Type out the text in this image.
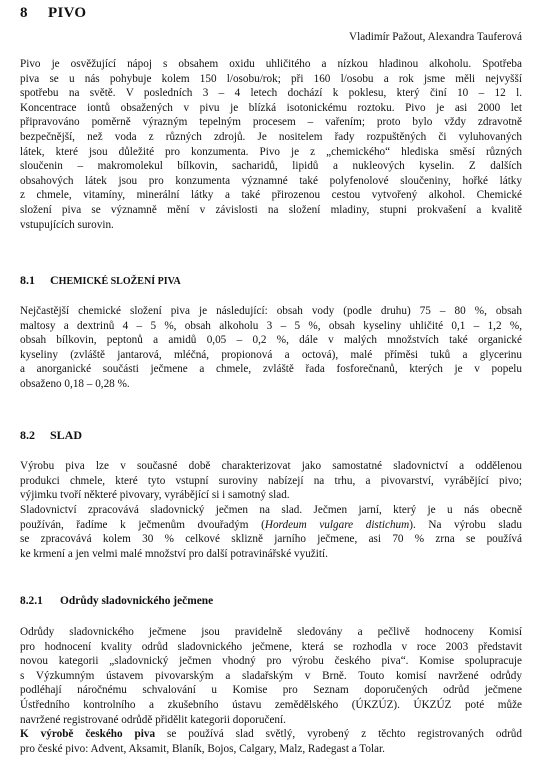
8 PIVO
Vladimír Pažout, Alexandra Tauferová
Pivo je osvěžující nápoj s obsahem oxidu uhličitého a nízkou hladinou alkoholu. Spotřeba
piva se u nás pohybuje kolem 150 l/osobu/rok; při 160 l/osobu a rok jsme měli nejvyšší
spotřebu na světě. V posledních 3 – 4 letech dochází k poklesu, který činí 10 – 12 l.
Koncentrace iontů obsažených v pivu je blízká isotonickému roztoku. Pivo je asi 2000 let
připravováno poměrně výrazným tepelným procesem – vařením; proto bylo vždy zdravotně
bezpečnější, než voda z různých zdrojů. Je nositelem řady rozpuštěných či vyluhovaných
látek, které jsou důležité pro konzumenta. Pivo je z „chemického“ hlediska směsí různých
sloučenin – makromolekul bílkovin, sacharidů, lipidů a nukleových kyselin. Z dalších
obsahových látek jsou pro konzumenta významné také polyfenolové sloučeniny, hořké látky
z chmele, vitamíny, minerální látky a také přirozenou cestou vytvořený alkohol. Chemické
složení piva se významně mění v závislosti na složení mladiny, stupni prokvašení a kvalitě
vstupujících surovin.
8.1 CHEMICKÉ SLOŽENÍ PIVA
Nejčastější chemické složení piva je následující: obsah vody (podle druhu) 75 – 80 %, obsah
maltosy a dextrinů 4 – 5 %, obsah alkoholu 3 – 5 %, obsah kyseliny uhličité 0,1 – 1,2 %,
obsah bílkovin, peptonů a amidů 0,05 – 0,2 %, dále v malých množstvích také organické
kyseliny (zvláště jantarová, mléčná, propionová a octová), malé příměsi tuků a glycerinu
a anorganické součásti ječmene a chmele, zvláště řada fosforečnanů, kterých je v popelu
obsaženo 0,18 – 0,28 %.
8.2 SLAD
Výrobu piva lze v současné době charakterizovat jako samostatné sladovnictví a oddělenou
produkci chmele, které tyto vstupní suroviny nabízejí na trhu, a pivovarství, vyrábějící pivo;
výjimku tvoří některé pivovary, vyrábějící si i samotný slad.
Sladovnictví zpracovává sladovnický ječmen na slad. Ječmen jarní, který je u nás obecně
používán, řadíme k ječmenům dvouřadým (Hordeum vulgare distichum). Na výrobu sladu
se zpracovává kolem 30 % celkové sklizně jarního ječmene, asi 70 % zrna se používá
ke krmení a jen velmi malé množství pro další potravinářské využití.
8.2.1 Odrůdy sladovnického ječmene
Odrůdy sladovnického ječmene jsou pravidelně sledovány a pečlivě hodnoceny Komisí
pro hodnocení kvality odrůd sladovnického ječmene, která se rozhodla v roce 2003 představit
novou kategorii „sladovnický ječmen vhodný pro výrobu českého piva“. Komise spolupracuje
s Výzkumným ústavem pivovarským a sladařským v Brně. Touto komisí navržené odrůdy
podléhají náročnému schvalování u Komise pro Seznam doporučených odrůd ječmene
Ústředního kontrolního a zkušebního ústavu zemědělského (ÚKZÚZ). ÚKZÚZ poté může
navržené registrované odrůdě přidělit kategorii doporučení.
K výrobě českého piva se používá slad světlý, vyrobený z těchto registrovaných odrůd
pro české pivo: Advent, Aksamit, Blaník, Bojos, Calgary, Malz, Radegast a Tolar.
